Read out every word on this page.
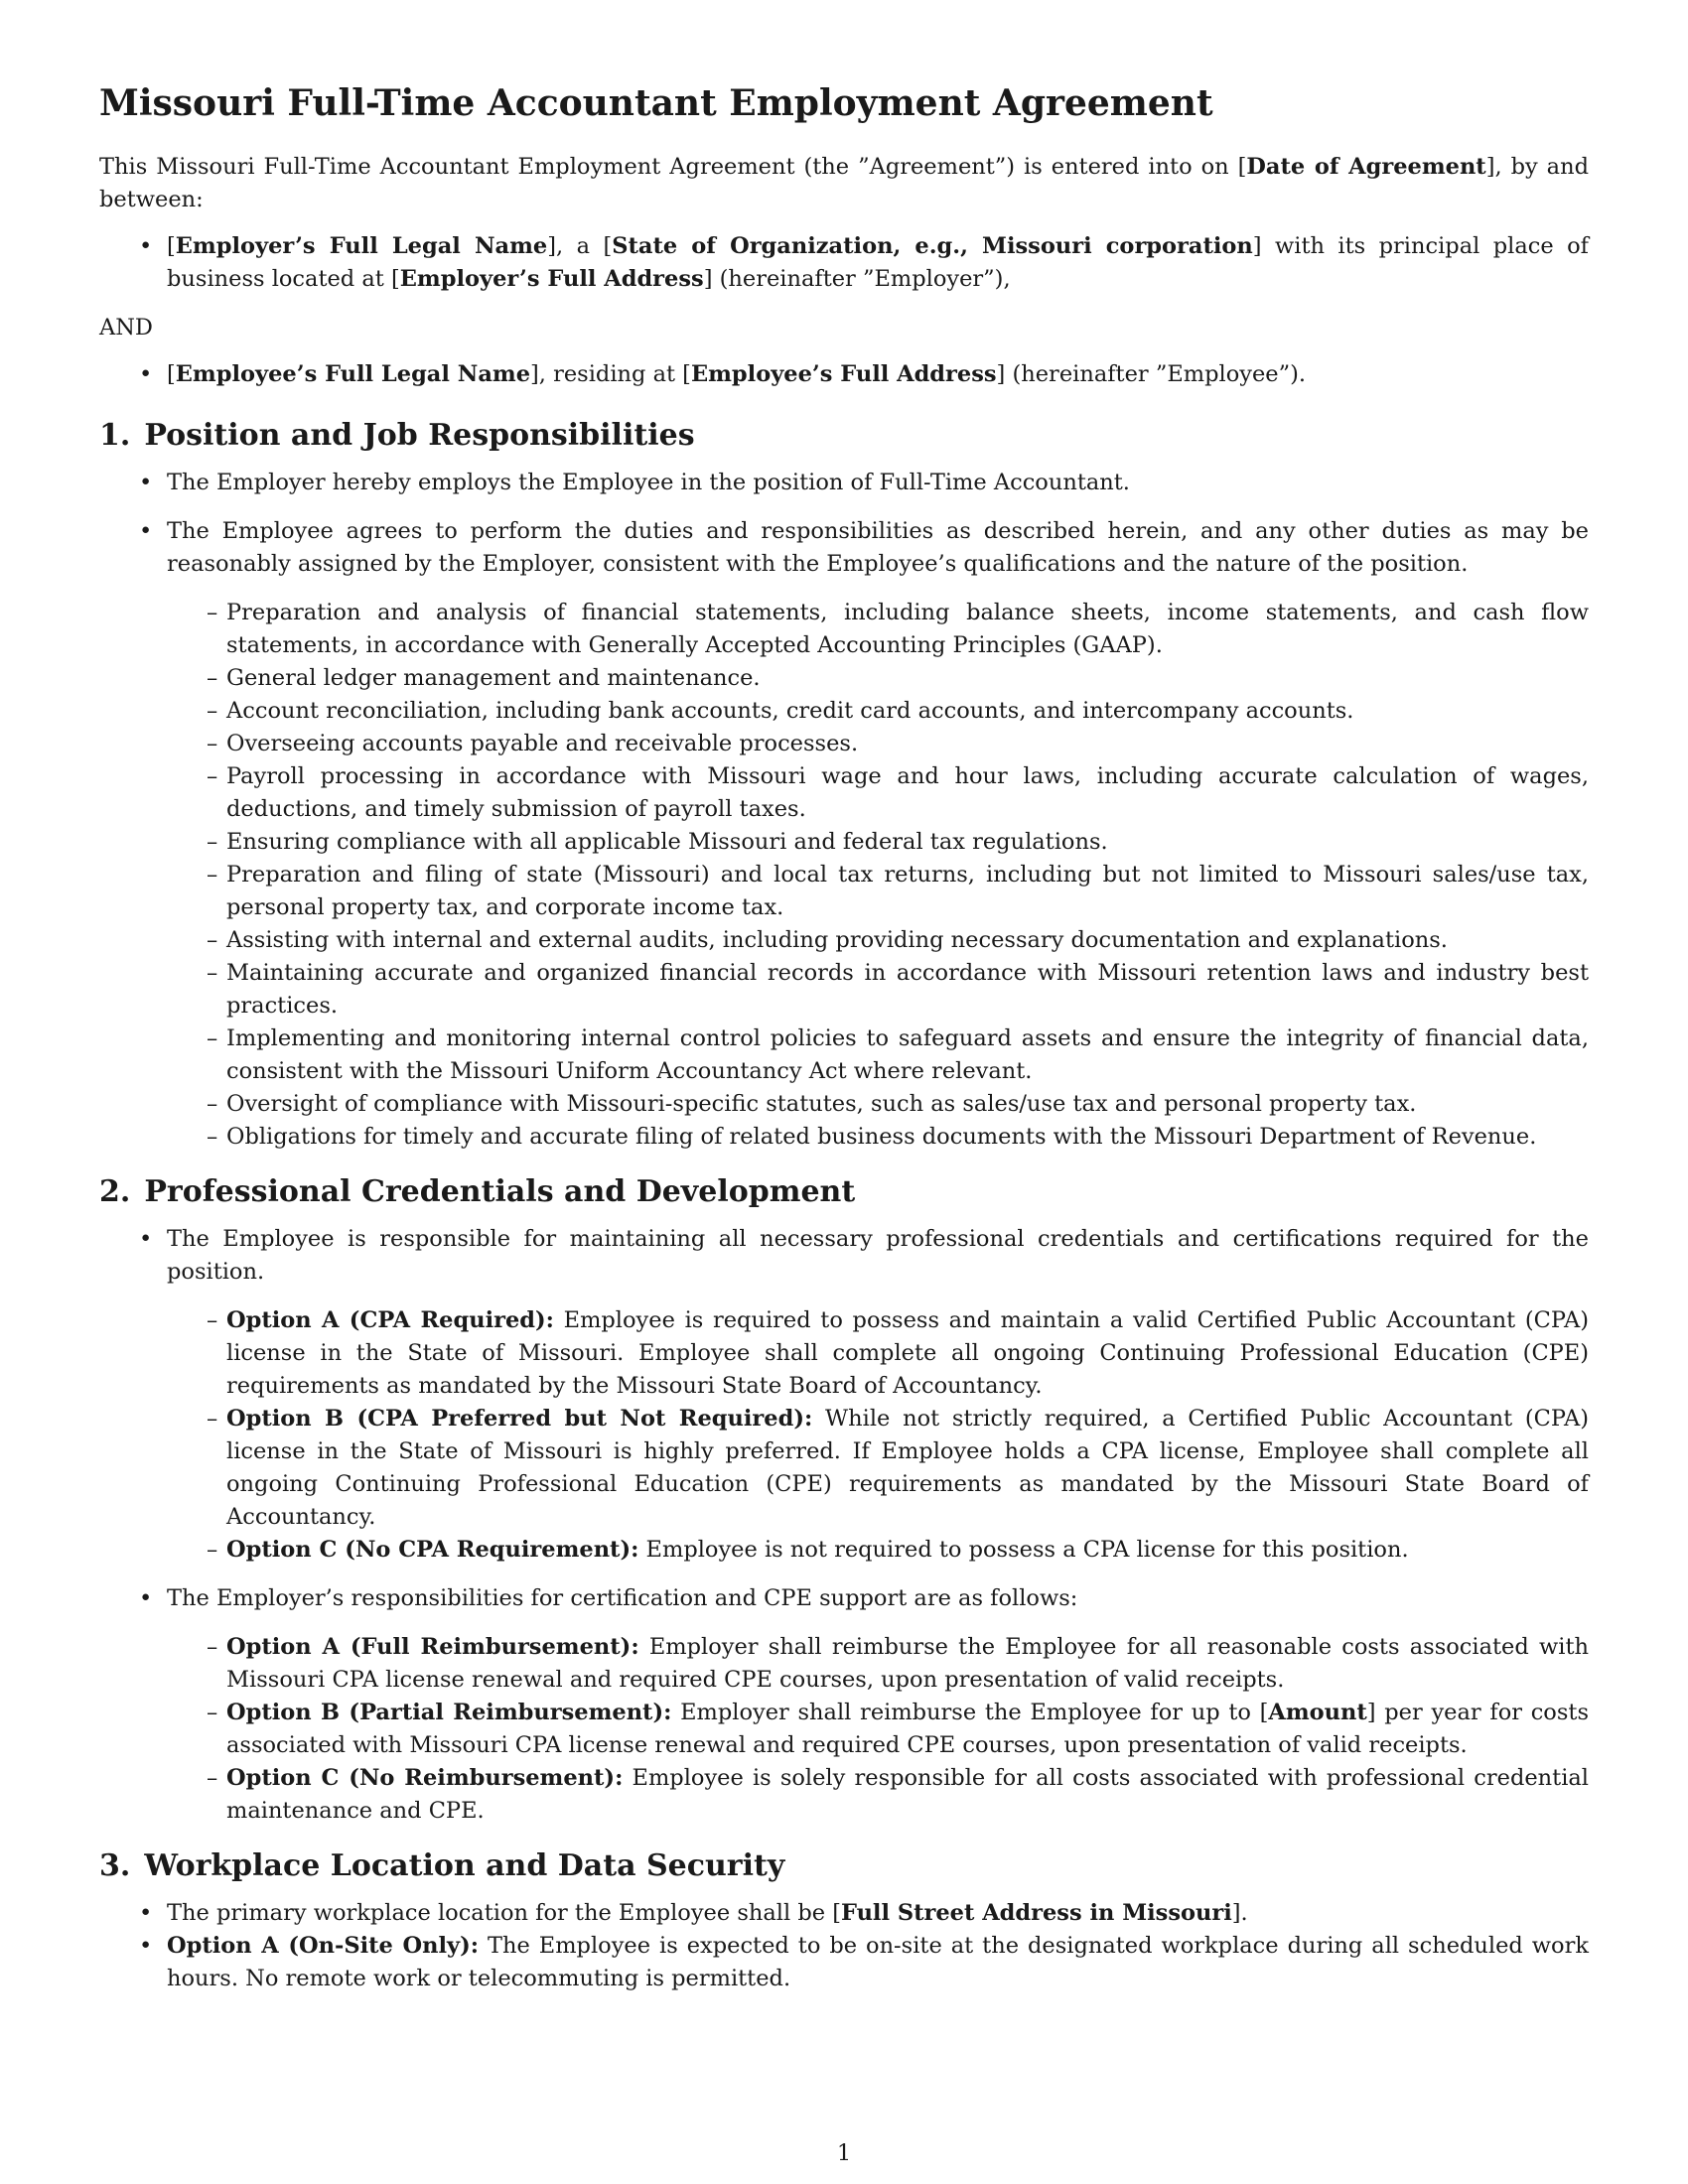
Missouri Full-Time Accountant Employment Agreement

This Missouri Full-Time Accountant Employment Agreement (the ”Agreement”) is entered into on [Date of Agreement], by and between:

• [Employer’s Full Legal Name], a [State of Organization, e.g., Missouri corporation] with its principal place of business located at [Employer’s Full Address] (hereinafter ”Employer”),

AND

• [Employee’s Full Legal Name], residing at [Employee’s Full Address] (hereinafter ”Employee”).
1. Position and Job Responsibilities
• The Employer hereby employs the Employee in the position of Full-Time Accountant.
• The Employee agrees to perform the duties and responsibilities as described herein, and any other duties as may be reasonably assigned by the Employer, consistent with the Employee’s qualifications and the nature of the position.
– Preparation and analysis of financial statements, including balance sheets, income statements, and cash flow statements, in accordance with Generally Accepted Accounting Principles (GAAP).
– General ledger management and maintenance.
– Account reconciliation, including bank accounts, credit card accounts, and intercompany accounts.
– Overseeing accounts payable and receivable processes.
– Payroll processing in accordance with Missouri wage and hour laws, including accurate calculation of wages, deductions, and timely submission of payroll taxes.
– Ensuring compliance with all applicable Missouri and federal tax regulations.
– Preparation and filing of state (Missouri) and local tax returns, including but not limited to Missouri sales/use tax, personal property tax, and corporate income tax.
– Assisting with internal and external audits, including providing necessary documentation and explanations.
– Maintaining accurate and organized financial records in accordance with Missouri retention laws and industry best practices.
– Implementing and monitoring internal control policies to safeguard assets and ensure the integrity of financial data, consistent with the Missouri Uniform Accountancy Act where relevant.
– Oversight of compliance with Missouri-specific statutes, such as sales/use tax and personal property tax.
– Obligations for timely and accurate filing of related business documents with the Missouri Department of Revenue.
2. Professional Credentials and Development
• The Employee is responsible for maintaining all necessary professional credentials and certifications required for the position.
– Option A (CPA Required): Employee is required to possess and maintain a valid Certified Public Accountant (CPA) license in the State of Missouri. Employee shall complete all ongoing Continuing Professional Education (CPE) requirements as mandated by the Missouri State Board of Accountancy.
– Option B (CPA Preferred but Not Required): While not strictly required, a Certified Public Accountant (CPA) license in the State of Missouri is highly preferred. If Employee holds a CPA license, Employee shall complete all ongoing Continuing Professional Education (CPE) requirements as mandated by the Missouri State Board of Accountancy.
– Option C (No CPA Requirement): Employee is not required to possess a CPA license for this position.
• The Employer’s responsibilities for certification and CPE support are as follows:
– Option A (Full Reimbursement): Employer shall reimburse the Employee for all reasonable costs associated with Missouri CPA license renewal and required CPE courses, upon presentation of valid receipts.
– Option B (Partial Reimbursement): Employer shall reimburse the Employee for up to [Amount] per year for costs associated with Missouri CPA license renewal and required CPE courses, upon presentation of valid receipts.
– Option C (No Reimbursement): Employee is solely responsible for all costs associated with professional credential maintenance and CPE.
3. Workplace Location and Data Security
• The primary workplace location for the Employee shall be [Full Street Address in Missouri].
• Option A (On-Site Only): The Employee is expected to be on-site at the designated workplace during all scheduled work hours. No remote work or telecommuting is permitted.
1
